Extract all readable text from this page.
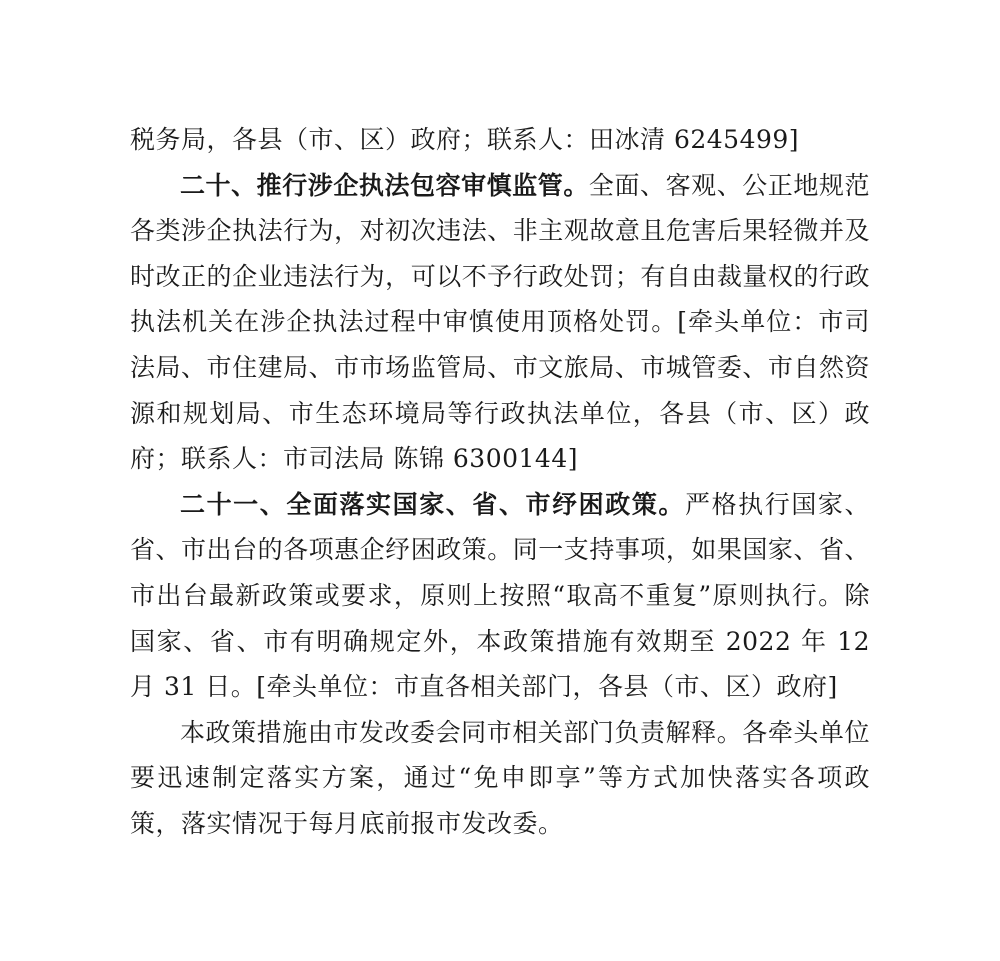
税务局，各县（市、区）政府；联系人：田冰清 6245499]

二十、推行涉企执法包容审慎监管。全面、客观、公正地规范各类涉企执法行为，对初次违法、非主观故意且危害后果轻微并及时改正的企业违法行为，可以不予行政处罚；有自由裁量权的行政执法机关在涉企执法过程中审慎使用顶格处罚。[牵头单位：市司法局、市住建局、市市场监管局、市文旅局、市城管委、市自然资源和规划局、市生态环境局等行政执法单位，各县（市、区）政府；联系人：市司法局 陈锦 6300144]

二十一、全面落实国家、省、市纾困政策。严格执行国家、省、市出台的各项惠企纾困政策。同一支持事项，如果国家、省、市出台最新政策或要求，原则上按照“取高不重复”原则执行。除国家、省、市有明确规定外，本政策措施有效期至 2022 年 12 月 31 日。[牵头单位：市直各相关部门，各县（市、区）政府]

本政策措施由市发改委会同市相关部门负责解释。各牵头单位要迅速制定落实方案，通过“免申即享”等方式加快落实各项政策，落实情况于每月底前报市发改委。
